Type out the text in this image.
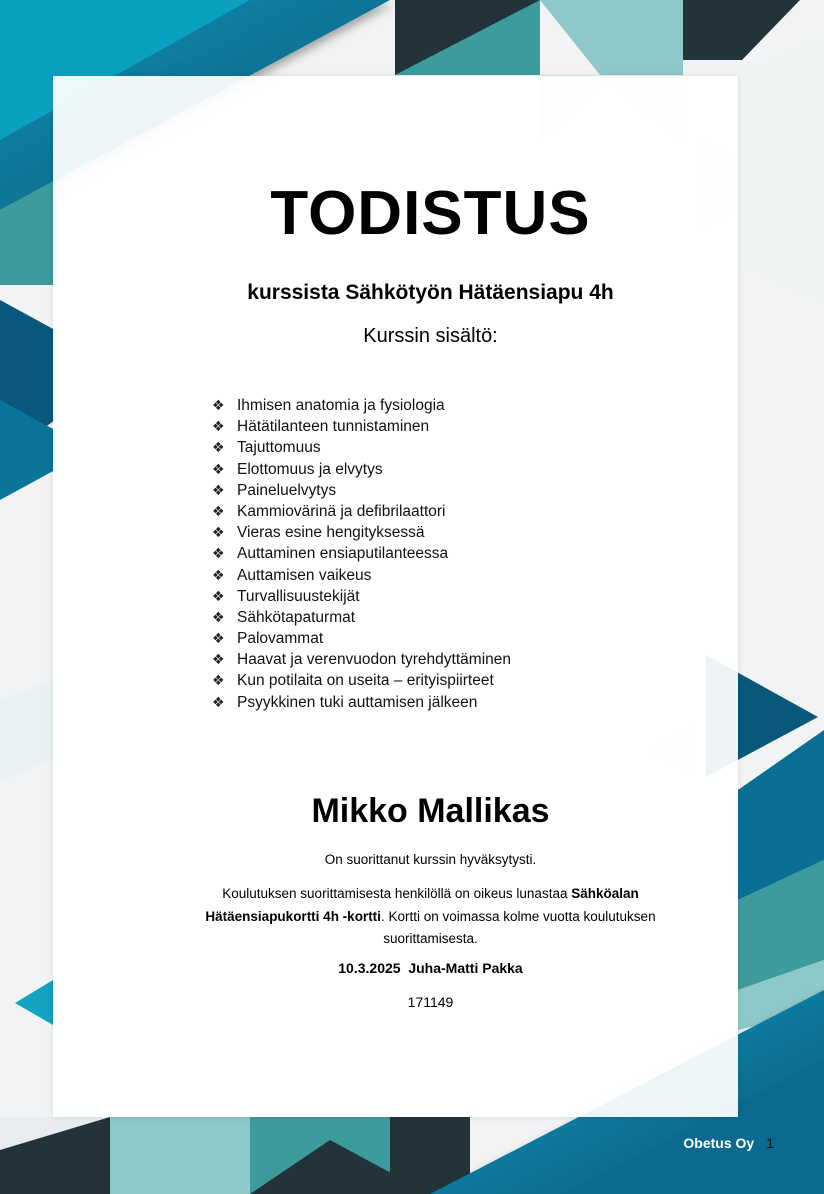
TODISTUS
kurssista Sähkötyön Hätäensiapu 4h
Kurssin sisältö:
❖ Ihmisen anatomia ja fysiologia
❖ Hätätilanteen tunnistaminen
❖ Tajuttomuus
❖ Elottomuus ja elvytys
❖ Paineluelvytys
❖ Kammiovärinä ja defibrilaattori
❖ Vieras esine hengityksessä
❖ Auttaminen ensiaputilanteessa
❖ Auttamisen vaikeus
❖ Turvallisuustekijät
❖ Sähkötapaturmat
❖ Palovammat
❖ Haavat ja verenvuodon tyrehdyttäminen
❖ Kun potilaita on useita – erityispiirteet
❖ Psyykkinen tuki auttamisen jälkeen
Mikko Mallikas
On suorittanut kurssin hyväksytysti.
Koulutuksen suorittamisesta henkilöllä on oikeus lunastaa Sähköalan Hätäensiapukortti 4h -kortti. Kortti on voimassa kolme vuotta koulutuksen suorittamisesta.
10.3.2025 Juha-Matti Pakka
171149
Obetus Oy 1
